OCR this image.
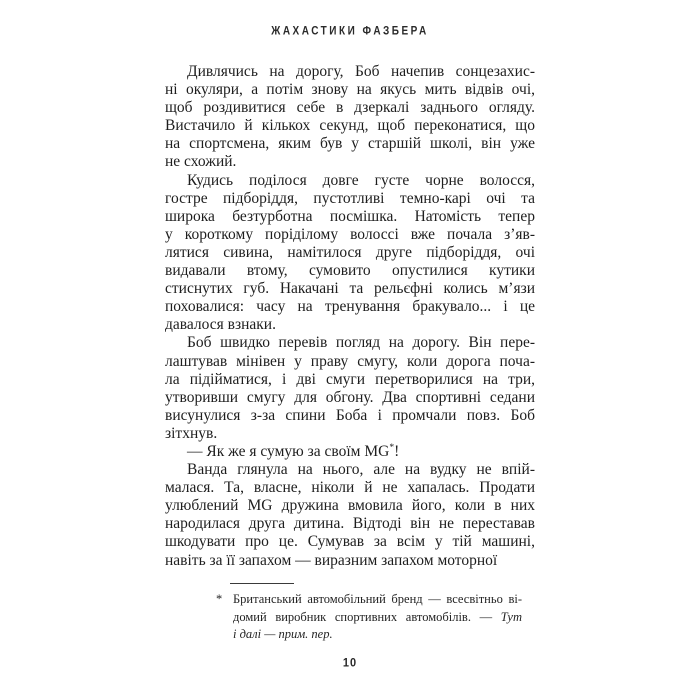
ЖАХАСТИКИ ФАЗБЕРА
Дивлячись на дорогу, Боб начепив сонцезахис-
ні окуляри, а потім знову на якусь мить відвів очі,
щоб роздивитися себе в дзеркалі заднього огляду.
Вистачило й кількох секунд, щоб переконатися, що
на спортсмена, яким був у старшій школі, він уже
не схожий.
Кудись поділося довге густе чорне волосся,
гостре підборіддя, пустотливі темно-карі очі та
широка безтурботна посмішка. Натомість тепер
у короткому поріділому волоссі вже почала з’яв-
лятися сивина, намітилося друге підборіддя, очі
видавали втому, сумовито опустилися кутики
стиснутих губ. Накачані та рельєфні колись м’язи
поховалися: часу на тренування бракувало... і це
давалося взнаки.
Боб швидко перевів погляд на дорогу. Він пере-
лаштував мінівен у праву смугу, коли дорога поча-
ла підійматися, і дві смуги перетворилися на три,
утворивши смугу для обгону. Два спортивні седани
висунулися з-за спини Боба і промчали повз. Боб
зітхнув.
— Як же я сумую за своїм MG*!
Ванда глянула на нього, але на вудку не впій-
малася. Та, власне, ніколи й не хапалась. Продати
улюблений MG дружина вмовила його, коли в них
народилася друга дитина. Відтоді він не переставав
шкодувати про це. Сумував за всім у тій машині,
навіть за її запахом — виразним запахом моторної
* Британський автомобільний бренд — всесвітньо ві-
домий виробник спортивних автомобілів. — Тут
і далі — прим. пер.
10
